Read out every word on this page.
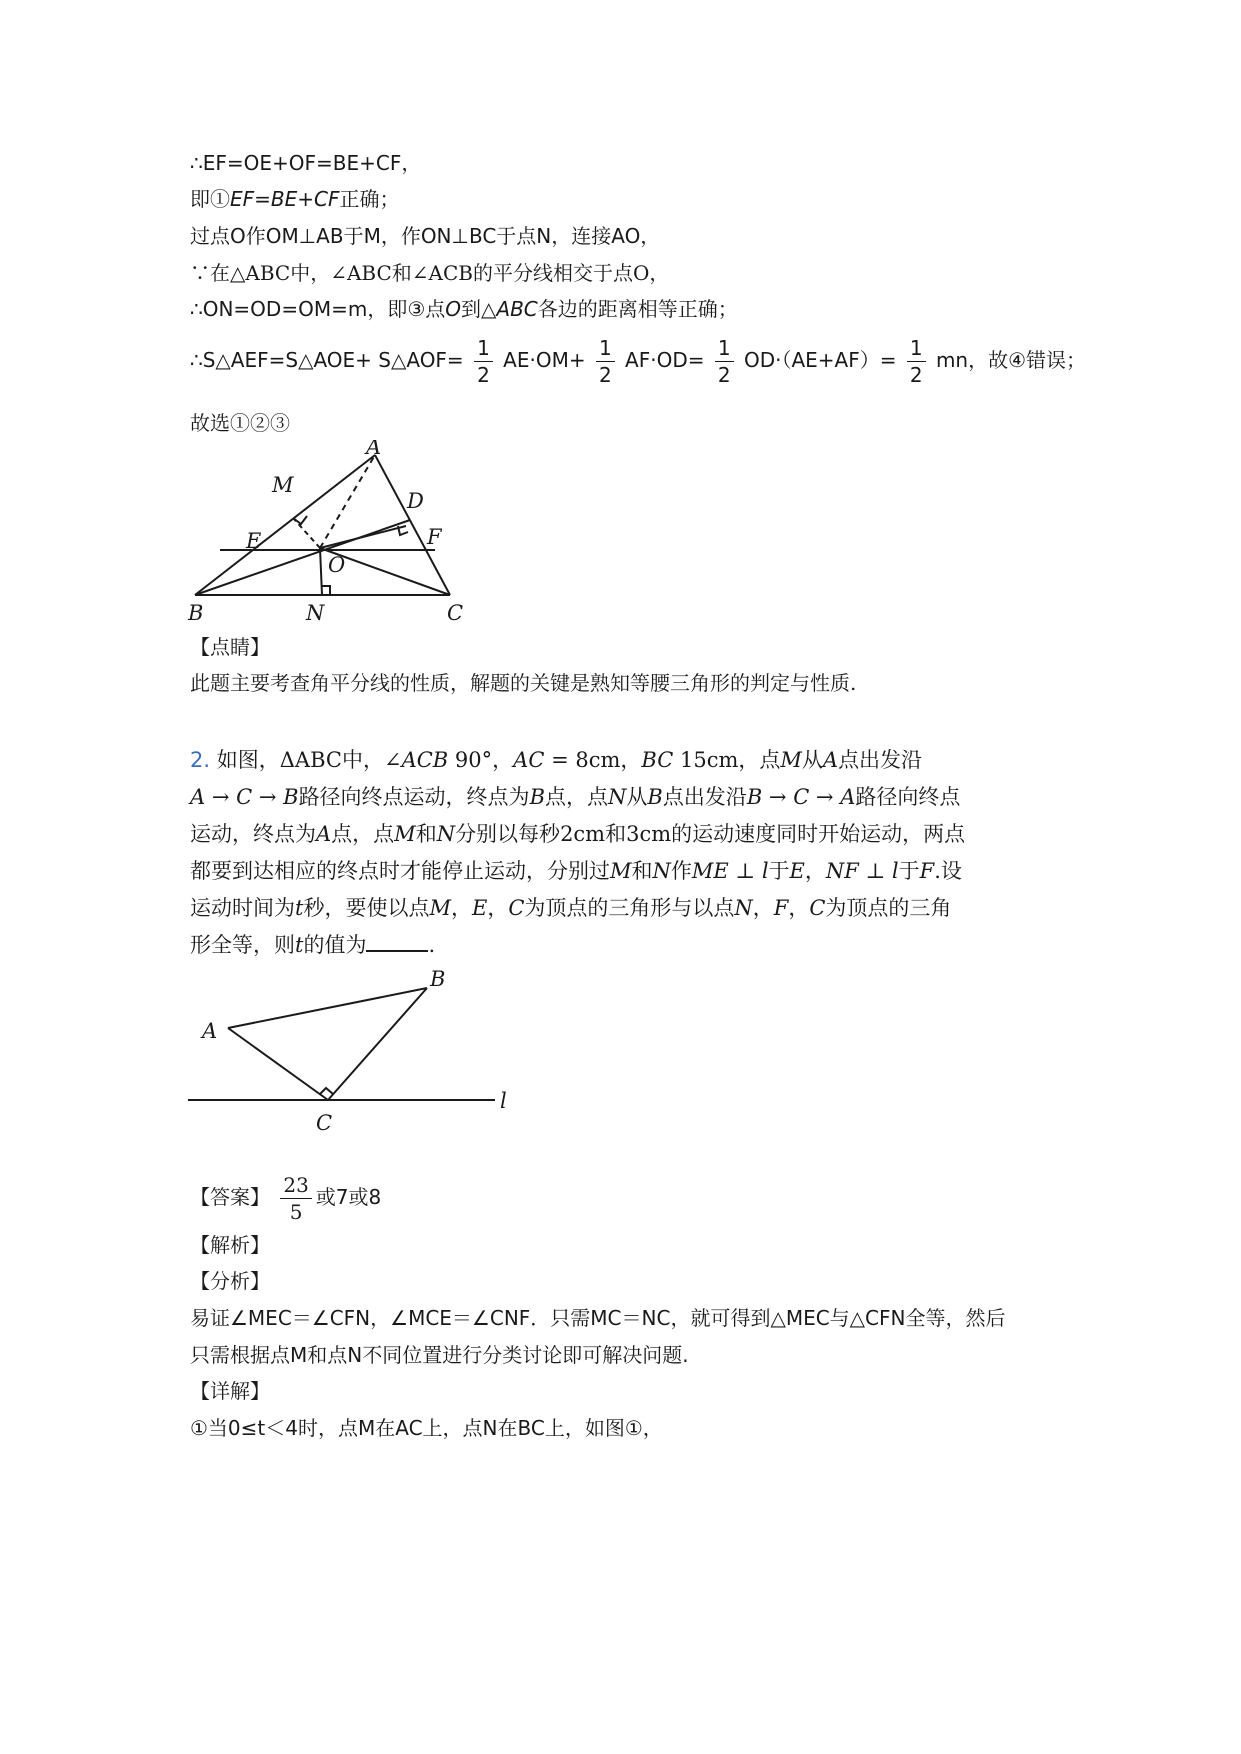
∴EF=OE+OF=BE+CF，
即①EF=BE+CF正确；
过点O作OM⊥AB于M，作ON⊥BC于点N，连接AO，
∵在△ABC中，∠ABC和∠ACB的平分线相交于点O，
∴ON=OD=OM=m，即③点O到△ABC各边的距离相等正确；
∴S△AEF=S△AOE+ S△AOF= $\frac{1}{2} AE\cdot OM+ \frac{1}{2} AF\cdot OD= \frac{1}{2} OD\cdot(AE+AF)= \frac{1}{2}$ mn，故④错误；
故选①②③
A
M
D
E	F
O
B	N	C
【点睛】
此题主要考查角平分线的性质，解题的关键是熟知等腰三角形的判定与性质.
2. 如图，ΔABC中，∠ACB 90°，AC = 8cm，BC 15cm，点M从A点出发沿
A → C → B路径向终点运动，终点为B点，点N从B点出发沿B → C → A路径向终点
运动，终点为A点，点M和N分别以每秒2cm和3cm的运动速度同时开始运动，两点
都要到达相应的终点时才能停止运动，分别过M和N作ME ⊥ l于E，NF ⊥ l于F.设
运动时间为t秒，要使以点M，E，C为顶点的三角形与以点N，F，C为顶点的三角
形全等，则t的值为	.
A
B
C
l
【答案】 $\frac{23}{5}$ 或7或8
【解析】
【分析】
易证∠MEC＝∠CFN，∠MCE＝∠CNF．只需MC＝NC，就可得到△MEC与△CFN全等，然后
只需根据点M和点N不同位置进行分类讨论即可解决问题.
【详解】
①当0≤t＜4时，点M在AC上，点N在BC上，如图①，
